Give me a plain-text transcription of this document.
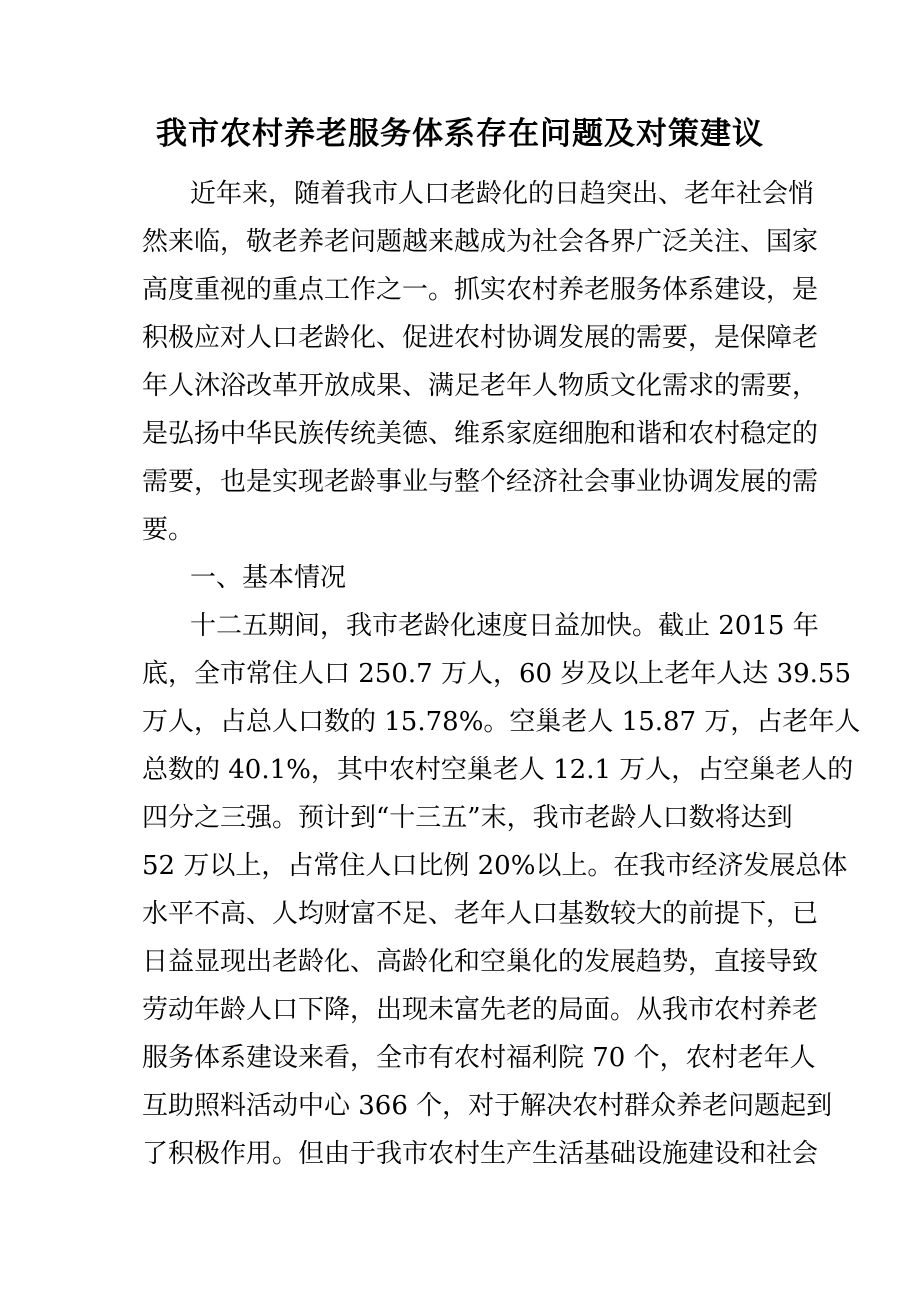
我市农村养老服务体系存在问题及对策建议
近年来，随着我市人口老龄化的日趋突出、老年社会悄
然来临，敬老养老问题越来越成为社会各界广泛关注、国家
高度重视的重点工作之一。抓实农村养老服务体系建设，是
积极应对人口老龄化、促进农村协调发展的需要，是保障老
年人沐浴改革开放成果、满足老年人物质文化需求的需要，
是弘扬中华民族传统美德、维系家庭细胞和谐和农村稳定的
需要，也是实现老龄事业与整个经济社会事业协调发展的需
要。
一、基本情况
十二五期间，我市老龄化速度日益加快。截止 2015 年
底，全市常住人口 250.7 万人，60 岁及以上老年人达 39.55
万人，占总人口数的 15.78%。空巢老人 15.87 万，占老年人
总数的 40.1%，其中农村空巢老人 12.1 万人，占空巢老人的
四分之三强。预计到“十三五”末，我市老龄人口数将达到
52 万以上，占常住人口比例 20%以上。在我市经济发展总体
水平不高、人均财富不足、老年人口基数较大的前提下，已
日益显现出老龄化、高龄化和空巢化的发展趋势，直接导致
劳动年龄人口下降，出现未富先老的局面。从我市农村养老
服务体系建设来看，全市有农村福利院 70 个，农村老年人
互助照料活动中心 366 个，对于解决农村群众养老问题起到
了积极作用。但由于我市农村生产生活基础设施建设和社会
